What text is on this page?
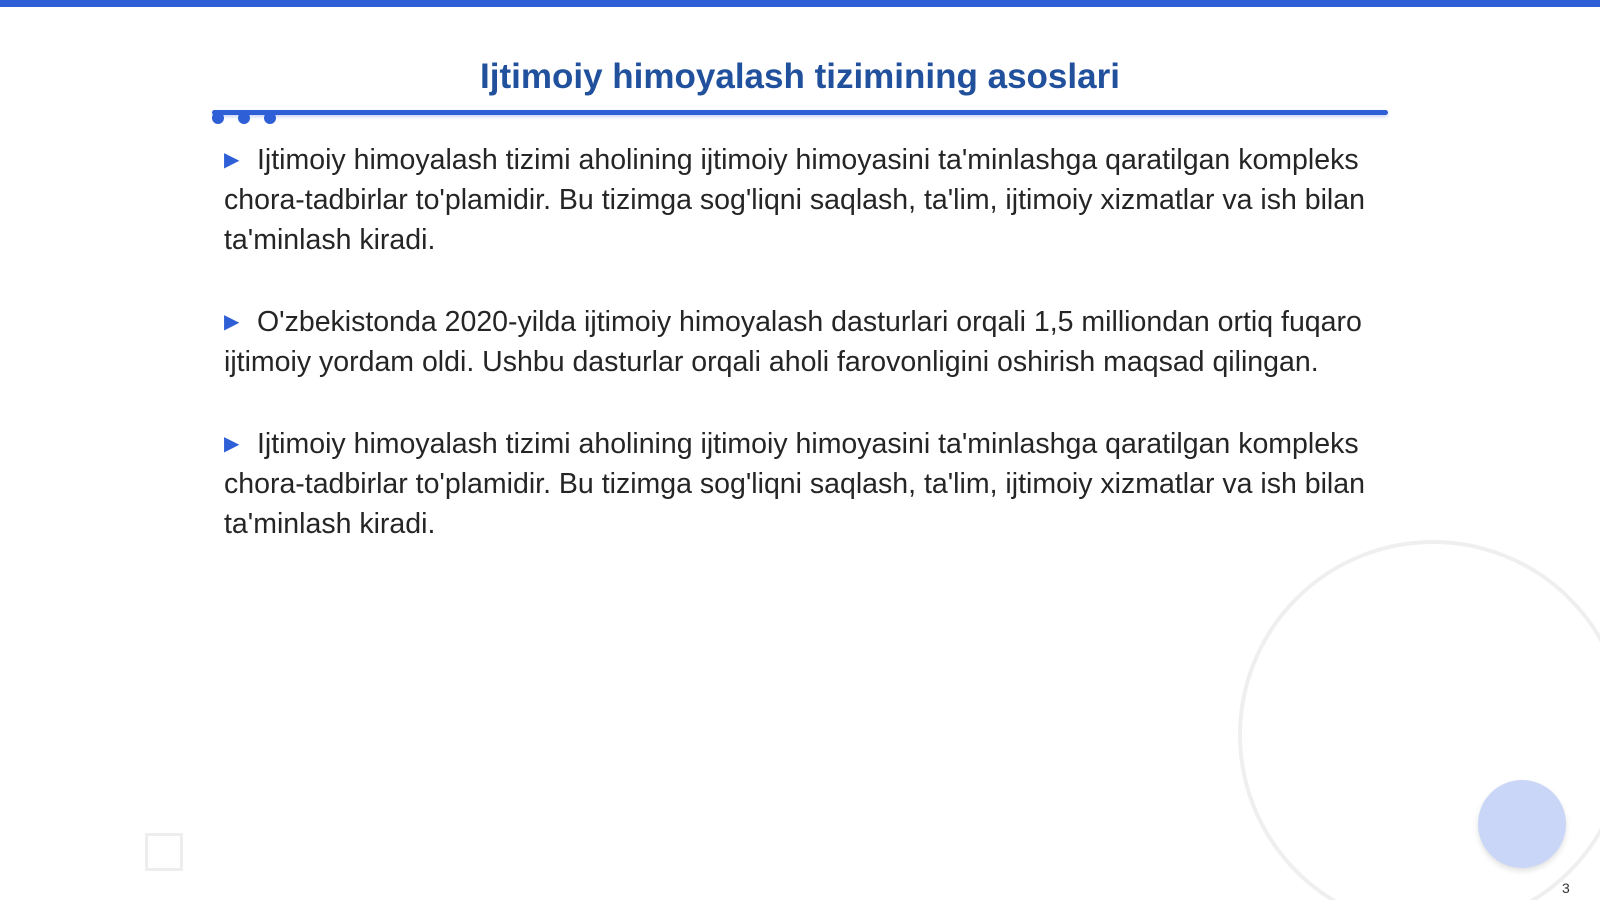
Ijtimoiy himoyalash tizimining asoslari

▶ Ijtimoiy himoyalash tizimi aholining ijtimoiy himoyasini ta'minlashga qaratilgan kompleks chora-tadbirlar to'plamidir. Bu tizimga sog'liqni saqlash, ta'lim, ijtimoiy xizmatlar va ish bilan ta'minlash kiradi.

▶ O'zbekistonda 2020-yilda ijtimoiy himoyalash dasturlari orqali 1,5 milliondan ortiq fuqaro ijtimoiy yordam oldi. Ushbu dasturlar orqali aholi farovonligini oshirish maqsad qilingan.

▶ Ijtimoiy himoyalash tizimi aholining ijtimoiy himoyasini ta'minlashga qaratilgan kompleks chora-tadbirlar to'plamidir. Bu tizimga sog'liqni saqlash, ta'lim, ijtimoiy xizmatlar va ish bilan ta'minlash kiradi.

3
